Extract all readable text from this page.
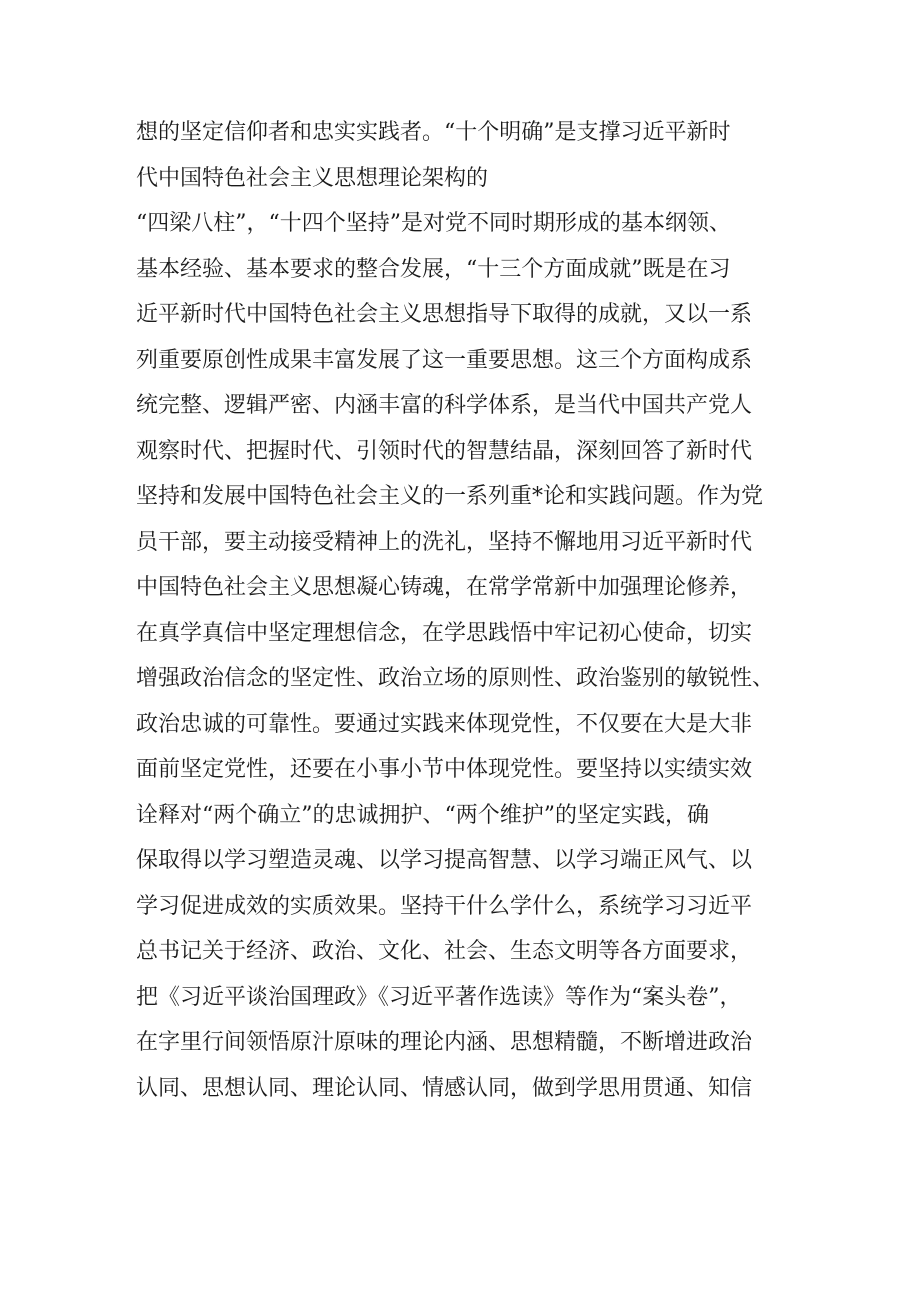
想的坚定信仰者和忠实实践者。“十个明确”是支撑习近平新时
代中国特色社会主义思想理论架构的
“四梁八柱”，“十四个坚持”是对党不同时期形成的基本纲领、
基本经验、基本要求的整合发展，“十三个方面成就”既是在习
近平新时代中国特色社会主义思想指导下取得的成就，又以一系
列重要原创性成果丰富发展了这一重要思想。这三个方面构成系
统完整、逻辑严密、内涵丰富的科学体系，是当代中国共产党人
观察时代、把握时代、引领时代的智慧结晶，深刻回答了新时代
坚持和发展中国特色社会主义的一系列重*论和实践问题。作为党
员干部，要主动接受精神上的洗礼，坚持不懈地用习近平新时代
中国特色社会主义思想凝心铸魂，在常学常新中加强理论修养，
在真学真信中坚定理想信念，在学思践悟中牢记初心使命，切实
增强政治信念的坚定性、政治立场的原则性、政治鉴别的敏锐性、
政治忠诚的可靠性。要通过实践来体现党性，不仅要在大是大非
面前坚定党性，还要在小事小节中体现党性。要坚持以实绩实效
诠释对“两个确立”的忠诚拥护、“两个维护”的坚定实践，确
保取得以学习塑造灵魂、以学习提高智慧、以学习端正风气、以
学习促进成效的实质效果。坚持干什么学什么，系统学习习近平
总书记关于经济、政治、文化、社会、生态文明等各方面要求，
把《习近平谈治国理政》《习近平著作选读》等作为“案头卷”，
在字里行间领悟原汁原味的理论内涵、思想精髓，不断增进政治
认同、思想认同、理论认同、情感认同，做到学思用贯通、知信
